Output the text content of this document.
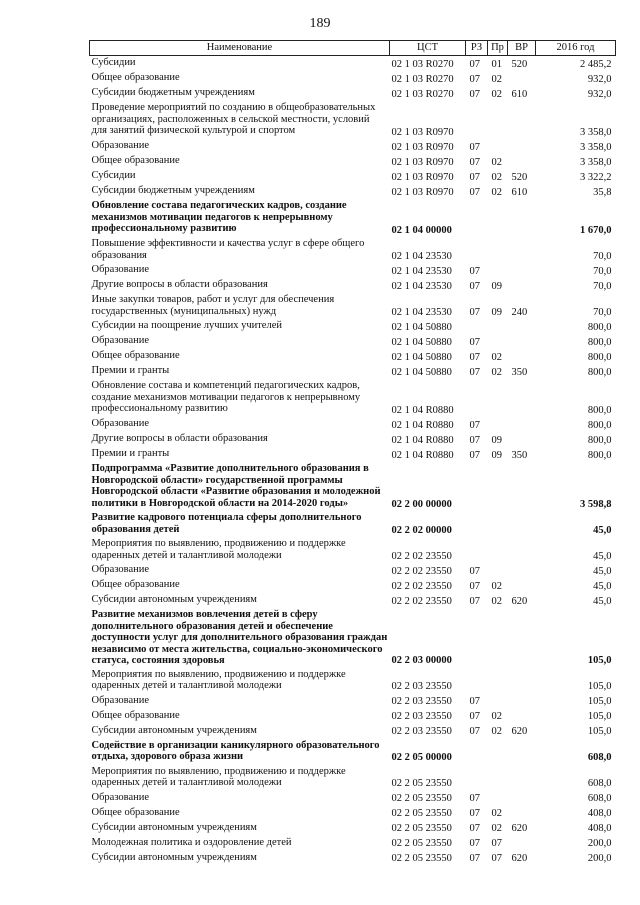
189
Наименование	ЦСТ	РЗ	Пр	ВР	2016 год
Субсидии	02 1 03 R0270	07	01	520	2 485,2
Общее образование	02 1 03 R0270	07	02		932,0
Субсидии бюджетным учреждениям	02 1 03 R0270	07	02	610	932,0
Проведение мероприятий по созданию в общеобразовательных организациях, расположенных в сельской местности, условий для занятий физической культурой и спортом	02 1 03 R0970				3 358,0
Образование	02 1 03 R0970	07			3 358,0
Общее образование	02 1 03 R0970	07	02		3 358,0
Субсидии	02 1 03 R0970	07	02	520	3 322,2
Субсидии бюджетным учреждениям	02 1 03 R0970	07	02	610	35,8
Обновление состава педагогических кадров, создание механизмов мотивации педагогов к непрерывному профессиональному развитию	02 1 04 00000				1 670,0
Повышение эффективности и качества услуг в сфере общего образования	02 1 04 23530				70,0
Образование	02 1 04 23530	07			70,0
Другие вопросы в области образования	02 1 04 23530	07	09		70,0
Иные закупки товаров, работ и услуг для обеспечения государственных (муниципальных) нужд	02 1 04 23530	07	09	240	70,0
Субсидии на поощрение лучших учителей	02 1 04 50880				800,0
Образование	02 1 04 50880	07			800,0
Общее образование	02 1 04 50880	07	02		800,0
Премии и гранты	02 1 04 50880	07	02	350	800,0
Обновление состава и компетенций педагогических кадров, создание механизмов мотивации педагогов к непрерывному профессиональному развитию	02 1 04 R0880				800,0
Образование	02 1 04 R0880	07			800,0
Другие вопросы в области образования	02 1 04 R0880	07	09		800,0
Премии и гранты	02 1 04 R0880	07	09	350	800,0
Подпрограмма «Развитие дополнительного образования в Новгородской области» государственной программы Новгородской области «Развитие образования и молодежной политики в Новгородской области на 2014-2020 годы»	02 2 00 00000				3 598,8
Развитие кадрового потенциала сферы дополнительного образования детей	02 2 02 00000				45,0
Мероприятия по выявлению, продвижению и поддержке одаренных детей и талантливой молодежи	02 2 02 23550				45,0
Образование	02 2 02 23550	07			45,0
Общее образование	02 2 02 23550	07	02		45,0
Субсидии автономным учреждениям	02 2 02 23550	07	02	620	45,0
Развитие механизмов вовлечения детей в сферу дополнительного образования детей и обеспечение доступности услуг для дополнительного образования граждан независимо от места жительства, социально-экономического статуса, состояния здоровья	02 2 03 00000				105,0
Мероприятия по выявлению, продвижению и поддержке одаренных детей и талантливой молодежи	02 2 03 23550				105,0
Образование	02 2 03 23550	07			105,0
Общее образование	02 2 03 23550	07	02		105,0
Субсидии автономным учреждениям	02 2 03 23550	07	02	620	105,0
Содействие в организации каникулярного образовательного отдыха, здорового образа жизни	02 2 05 00000				608,0
Мероприятия по выявлению, продвижению и поддержке одаренных детей и талантливой молодежи	02 2 05 23550				608,0
Образование	02 2 05 23550	07			608,0
Общее образование	02 2 05 23550	07	02		408,0
Субсидии автономным учреждениям	02 2 05 23550	07	02	620	408,0
Молодежная политика и оздоровление детей	02 2 05 23550	07	07		200,0
Субсидии автономным учреждениям	02 2 05 23550	07	07	620	200,0
